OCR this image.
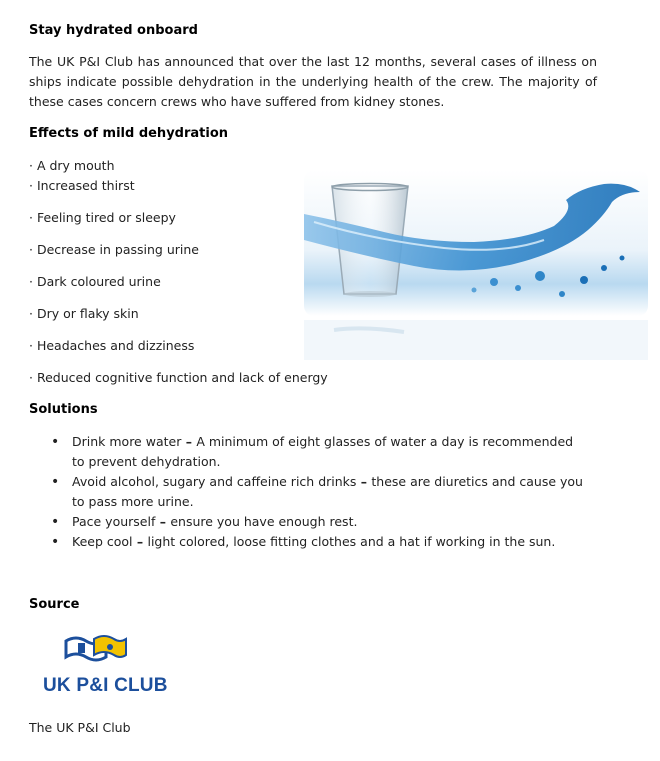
Stay hydrated onboard
The UK P&I Club has announced that over the last 12 months, several cases of illness on ships indicate possible dehydration in the underlying health of the crew. The majority of these cases concern crews who have suffered from kidney stones.
Effects of mild dehydration
· A dry mouth
· Increased thirst
· Feeling tired or sleepy
· Decrease in passing urine
· Dark coloured urine
· Dry or flaky skin
· Headaches and dizziness
· Reduced cognitive function and lack of energy
Solutions
• Drink more water – A minimum of eight glasses of water a day is recommended to prevent dehydration.
• Avoid alcohol, sugary and caffeine rich drinks – these are diuretics and cause you to pass more urine.
• Pace yourself – ensure you have enough rest.
• Keep cool – light colored, loose fitting clothes and a hat if working in the sun.
Source
UK P&I CLUB
The UK P&I Club
